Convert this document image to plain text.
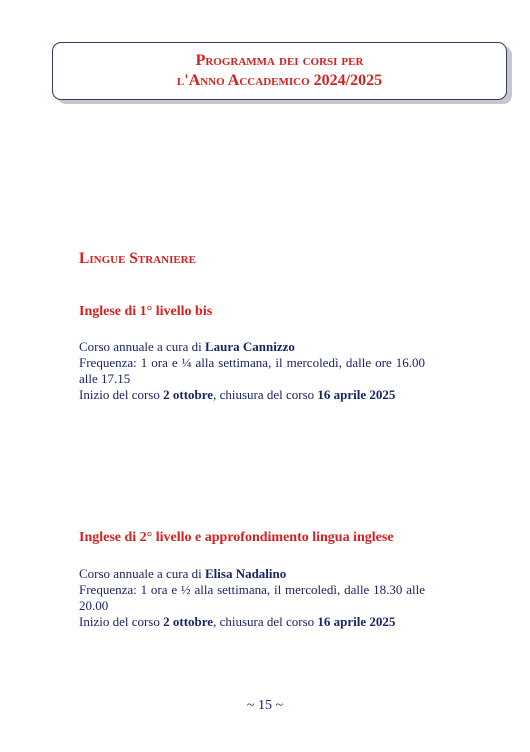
Programma dei corsi per
l'Anno Accademico 2024/2025
Lingue Straniere
Inglese di 1° livello bis

Corso annuale a cura di Laura Cannizzo

Frequenza: 1 ora e ¼ alla settimana, il mercoledì, dalle ore 16.00 alle 17.15

Inizio del corso 2 ottobre, chiusura del corso 16 aprile 2025

Inglese di 2° livello e approfondimento lingua inglese

Corso annuale a cura di Elisa Nadalino

Frequenza: 1 ora e ½ alla settimana, il mercoledì, dalle 18.30 alle 20.00

Inizio del corso 2 ottobre, chiusura del corso 16 aprile 2025

~ 15 ~
